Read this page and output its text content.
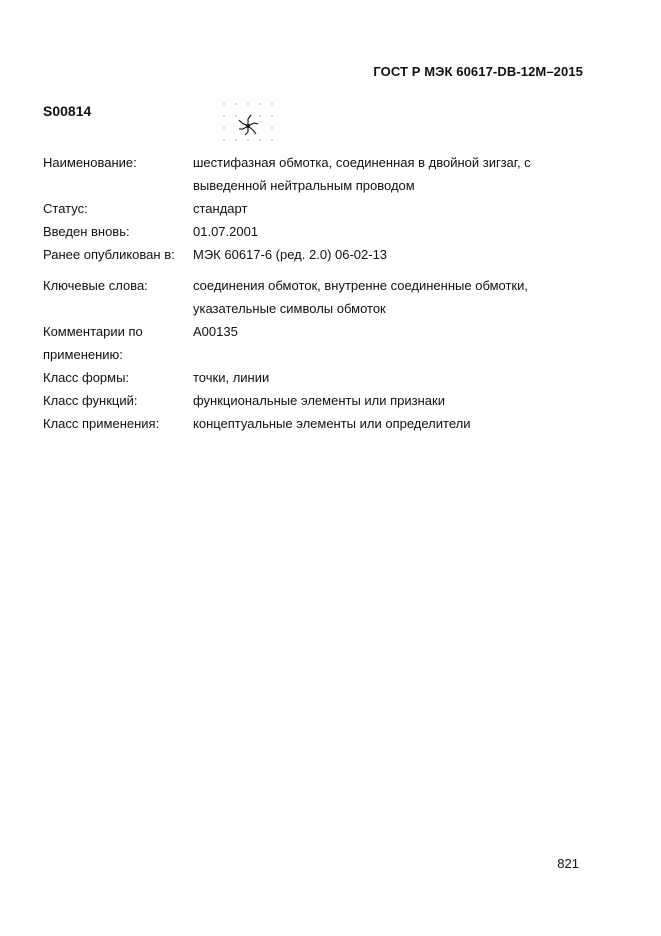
ГОСТ Р МЭК 60617-DB-12M–2015
S00814
Наименование:	шестифазная обмотка, соединенная в двойной зигзаг, с
выведенной нейтральным проводом
Статус:	стандарт
Введен вновь:	01.07.2001
Ранее опубликован в:	МЭК 60617-6 (ред. 2.0) 06-02-13
Ключевые слова:	соединения обмоток, внутренне соединенные обмотки,
указательные символы обмоток
Комментарии по применению:
A00135
Класс формы:	точки, линии
Класс функций:	функциональные элементы или признаки
Класс применения:	концептуальные элементы или определители
821
